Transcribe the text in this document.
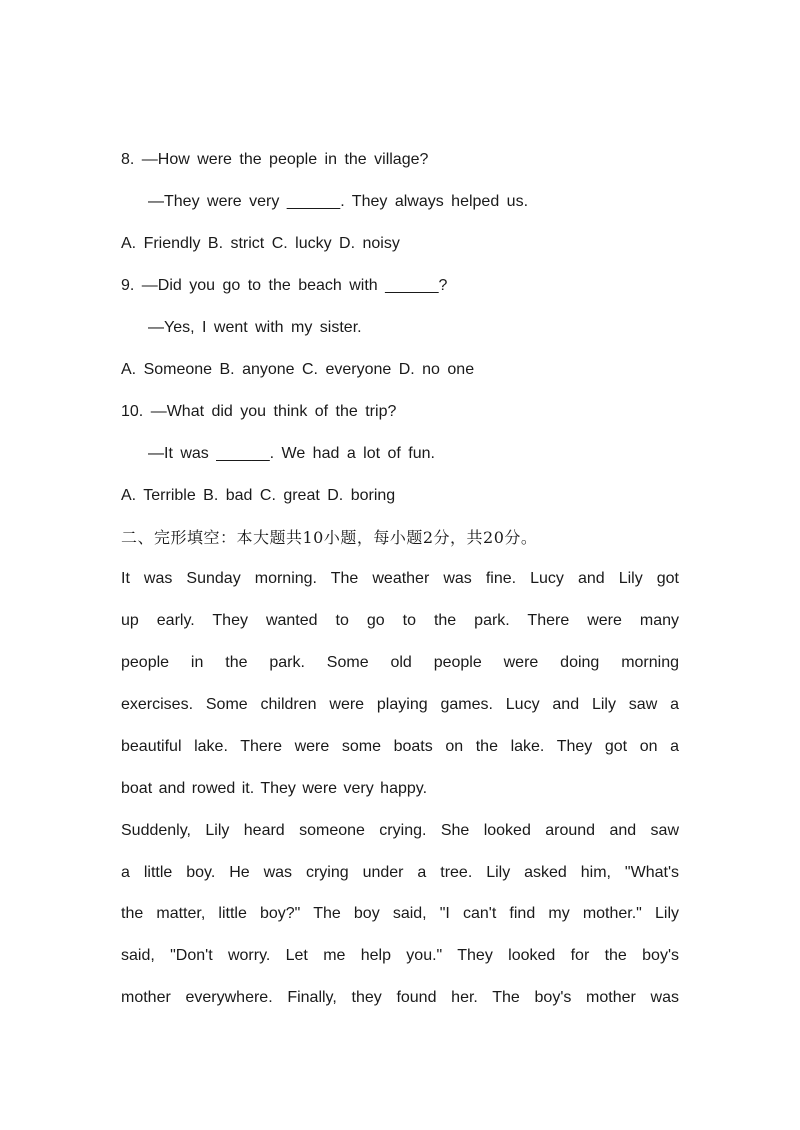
8. —How were the people in the village?
—They were very ______. They always helped us.
A. Friendly B. strict C. lucky D. noisy
9. —Did you go to the beach with ______?
—Yes, I went with my sister.
A. Someone B. anyone C. everyone D. no one
10. —What did you think of the trip?
—It was ______. We had a lot of fun.
A. Terrible B. bad C. great D. boring
二、完形填空：本大题共10小题，每小题2分，共20分。
It was Sunday morning. The weather was fine. Lucy and Lily got
up early. They wanted to go to the park. There were many
people in the park. Some old people were doing morning
exercises. Some children were playing games. Lucy and Lily saw a
beautiful lake. There were some boats on the lake. They got on a
boat and rowed it. They were very happy.
Suddenly, Lily heard someone crying. She looked around and saw
a little boy. He was crying under a tree. Lily asked him, "What's
the matter, little boy?" The boy said, "I can't find my mother." Lily
said, "Don't worry. Let me help you." They looked for the boy's
mother everywhere. Finally, they found her. The boy's mother was
